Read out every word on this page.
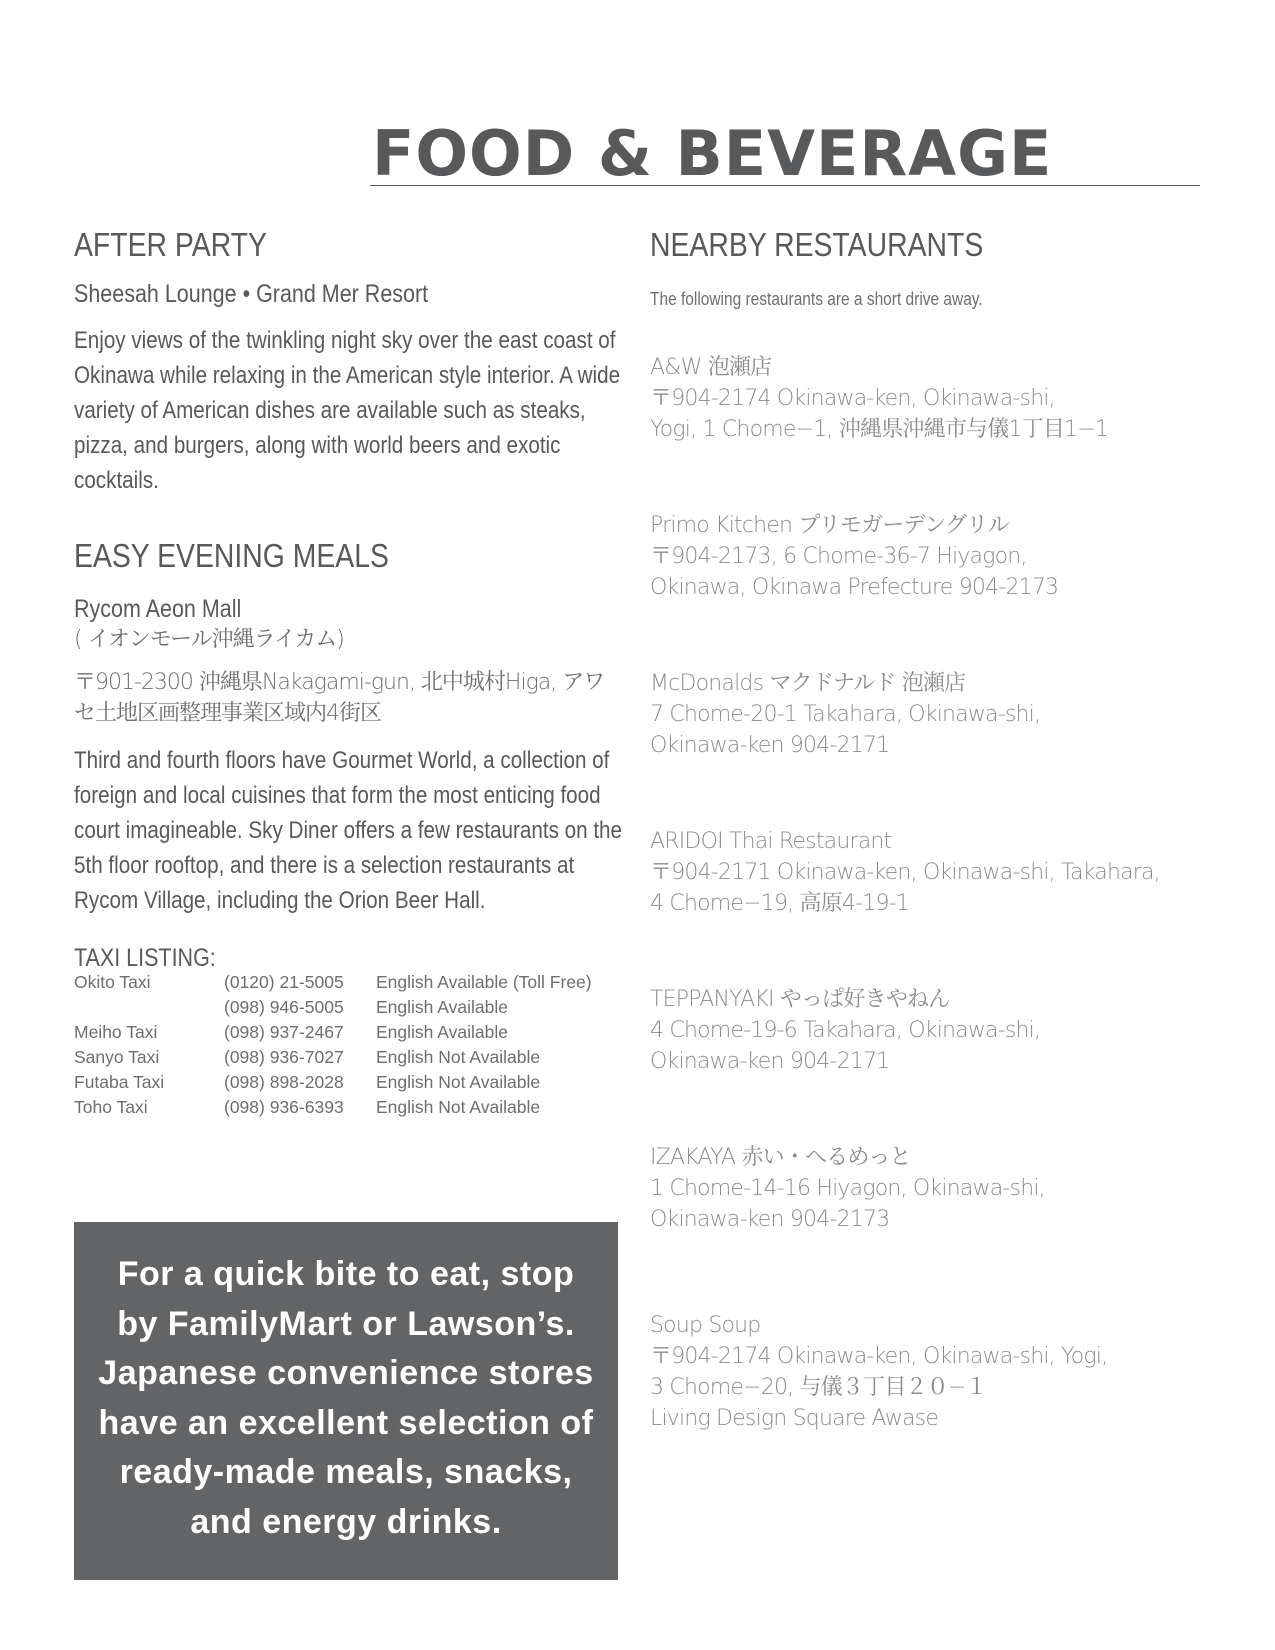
FOOD & BEVERAGE
AFTER PARTY

Sheesah Lounge • Grand Mer Resort

Enjoy views of the twinkling night sky over the east coast of Okinawa while relaxing in the American style interior. A wide variety of American dishes are available such as steaks, pizza, and burgers, along with world beers and exotic cocktails.

EASY EVENING MEALS

Rycom Aeon Mall

( イオンモール沖縄ライカム)

〒901-2300 沖縄県Nakagami-gun, 北中城村Higa, アワセ土地区画整理事業区域内4街区

Third and fourth floors have Gourmet World, a collection of foreign and local cuisines that form the most enticing food court imagineable. Sky Diner offers a few restaurants on the 5th floor rooftop, and there is a selection restaurants at Rycom Village, including the Orion Beer Hall.

TAXI LISTING:

Okito Taxi	(0120) 21-5005	English Available (Toll Free)
	(098) 946-5005	English Available
Meiho Taxi	(098) 937-2467	English Available
Sanyo Taxi	(098) 936-7027	English Not Available
Futaba Taxi	(098) 898-2028	English Not Available
Toho Taxi	(098) 936-6393	English Not Available

For a quick bite to eat, stop by FamilyMart or Lawson’s. Japanese convenience stores have an excellent selection of ready-made meals, snacks, and energy drinks.

NEARBY RESTAURANTS

The following restaurants are a short drive away.

A&W 泡瀬店
〒904-2174 Okinawa-ken, Okinawa-shi,
Yogi, 1 Chome−1, 沖縄県沖縄市与儀1丁目1−1
Primo Kitchen プリモガーデングリル
〒904-2173, 6 Chome-36-7 Hiyagon,
Okinawa, Okinawa Prefecture 904-2173
McDonalds マクドナルド 泡瀬店
7 Chome-20-1 Takahara, Okinawa-shi,
Okinawa-ken 904-2171
ARIDOI Thai Restaurant
〒904-2171 Okinawa-ken, Okinawa-shi, Takahara,
4 Chome−19, 高原4-19-1
TEPPANYAKI やっぱ好きやねん
4 Chome-19-6 Takahara, Okinawa-shi,
Okinawa-ken 904-2171
IZAKAYA 赤い・へるめっと
1 Chome-14-16 Hiyagon, Okinawa-shi,
Okinawa-ken 904-2173
Soup Soup
〒904-2174 Okinawa-ken, Okinawa-shi, Yogi,
3 Chome−20, 与儀３丁目２０−１
Living Design Square Awase
